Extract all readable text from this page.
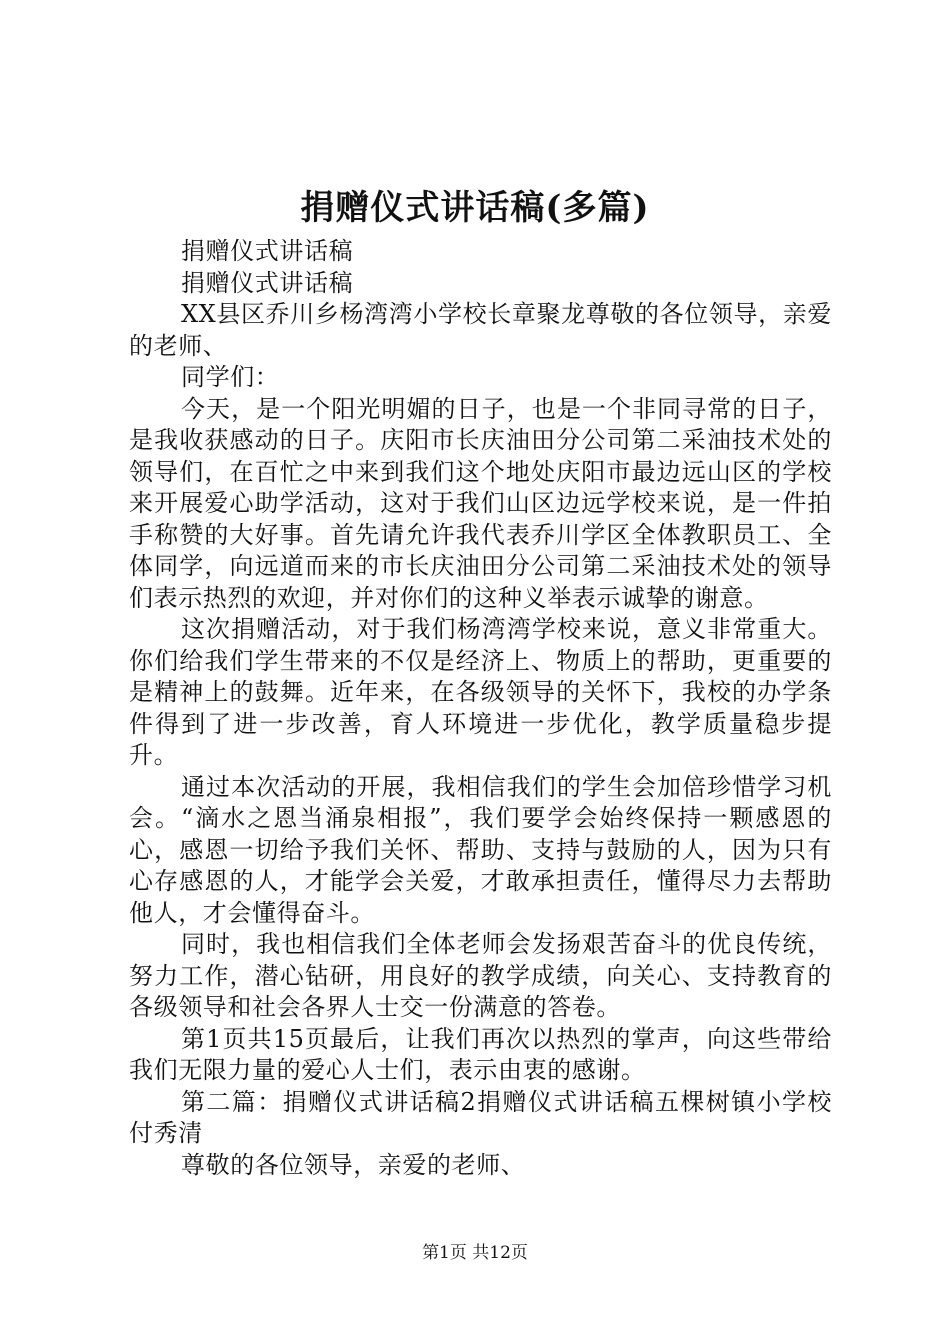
捐赠仪式讲话稿(多篇)

捐赠仪式讲话稿

捐赠仪式讲话稿

XX县区乔川乡杨湾湾小学校长章聚龙尊敬的各位领导，亲爱的老师、

同学们：

今天，是一个阳光明媚的日子，也是一个非同寻常的日子，是我收获感动的日子。庆阳市长庆油田分公司第二采油技术处的领导们，在百忙之中来到我们这个地处庆阳市最边远山区的学校来开展爱心助学活动，这对于我们山区边远学校来说，是一件拍手称赞的大好事。首先请允许我代表乔川学区全体教职员工、全体同学，向远道而来的市长庆油田分公司第二采油技术处的领导们表示热烈的欢迎，并对你们的这种义举表示诚挚的谢意。

这次捐赠活动，对于我们杨湾湾学校来说，意义非常重大。你们给我们学生带来的不仅是经济上、物质上的帮助，更重要的是精神上的鼓舞。近年来，在各级领导的关怀下，我校的办学条件得到了进一步改善，育人环境进一步优化，教学质量稳步提升。

通过本次活动的开展，我相信我们的学生会加倍珍惜学习机会。“滴水之恩当涌泉相报”，我们要学会始终保持一颗感恩的心，感恩一切给予我们关怀、帮助、支持与鼓励的人，因为只有心存感恩的人，才能学会关爱，才敢承担责任，懂得尽力去帮助他人，才会懂得奋斗。

同时，我也相信我们全体老师会发扬艰苦奋斗的优良传统，努力工作，潜心钻研，用良好的教学成绩，向关心、支持教育的各级领导和社会各界人士交一份满意的答卷。

第1页共15页最后，让我们再次以热烈的掌声，向这些带给我们无限力量的爱心人士们，表示由衷的感谢。

第二篇：捐赠仪式讲话稿2捐赠仪式讲话稿五棵树镇小学校付秀清

尊敬的各位领导，亲爱的老师、

第1页 共12页
